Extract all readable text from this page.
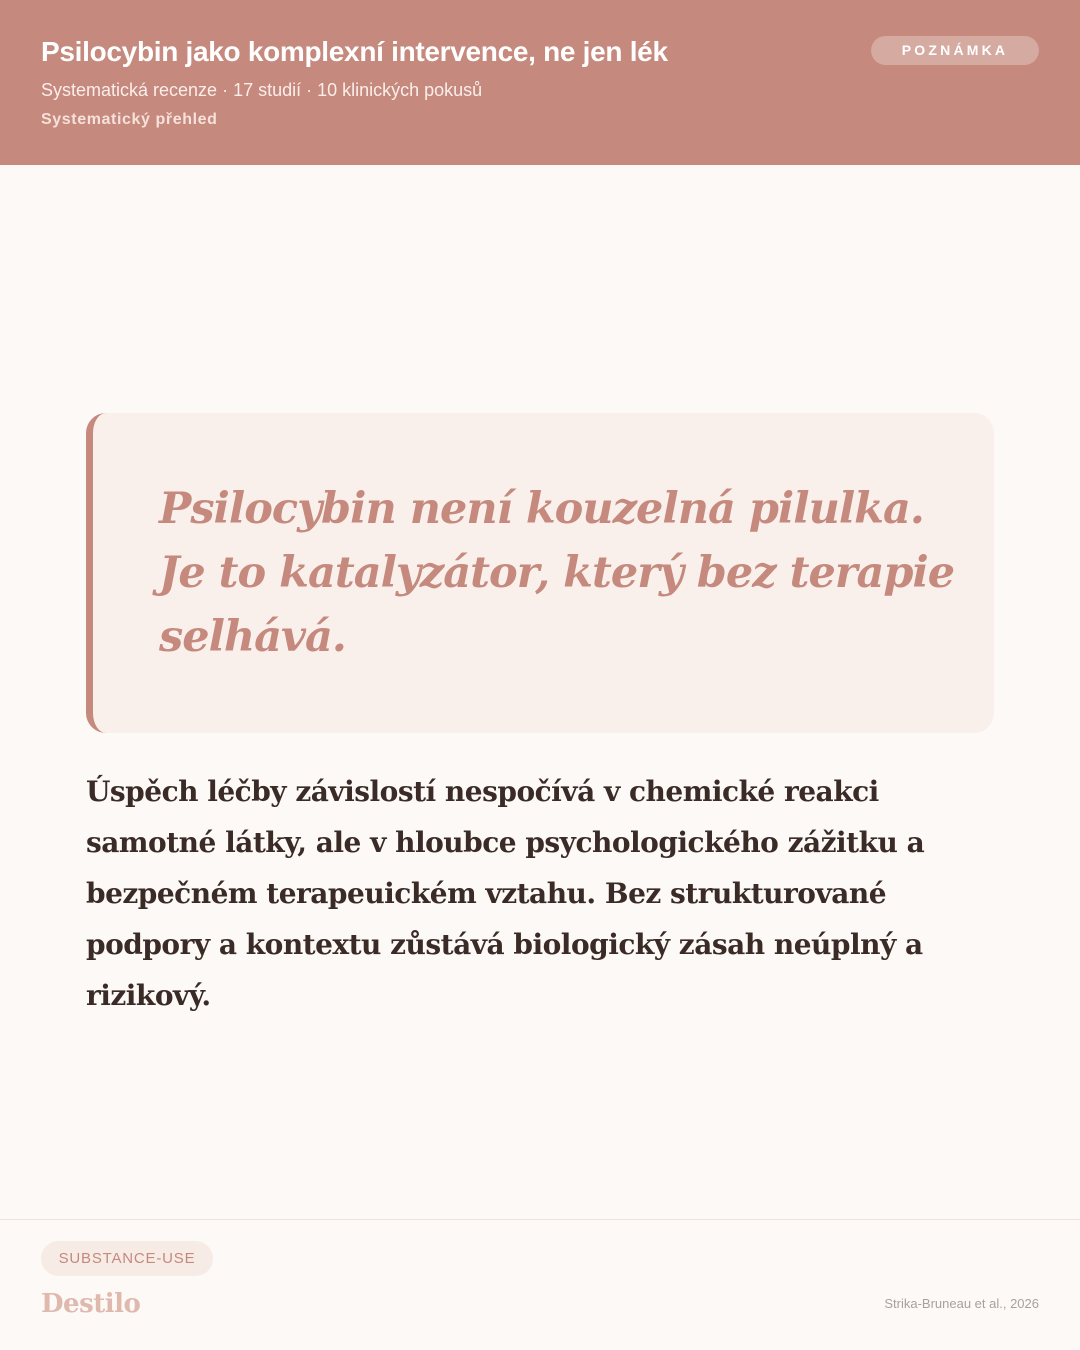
Psilocybin jako komplexní intervence, ne jen lék
Systematická recenze · 17 studií · 10 klinických pokusů
Systematický přehled
POZNÁMKA

Psilocybin není kouzelná pilulka. Je to katalyzátor, který bez terapie selhává.

Úspěch léčby závislostí nespočívá v chemické reakci samotné látky, ale v hloubce psychologického zážitku a bezpečném terapeuickém vztahu. Bez strukturované podpory a kontextu zůstává biologický zásah neúplný a rizikový.

SUBSTANCE-USE
Destilo	Strika-Bruneau et al., 2026
